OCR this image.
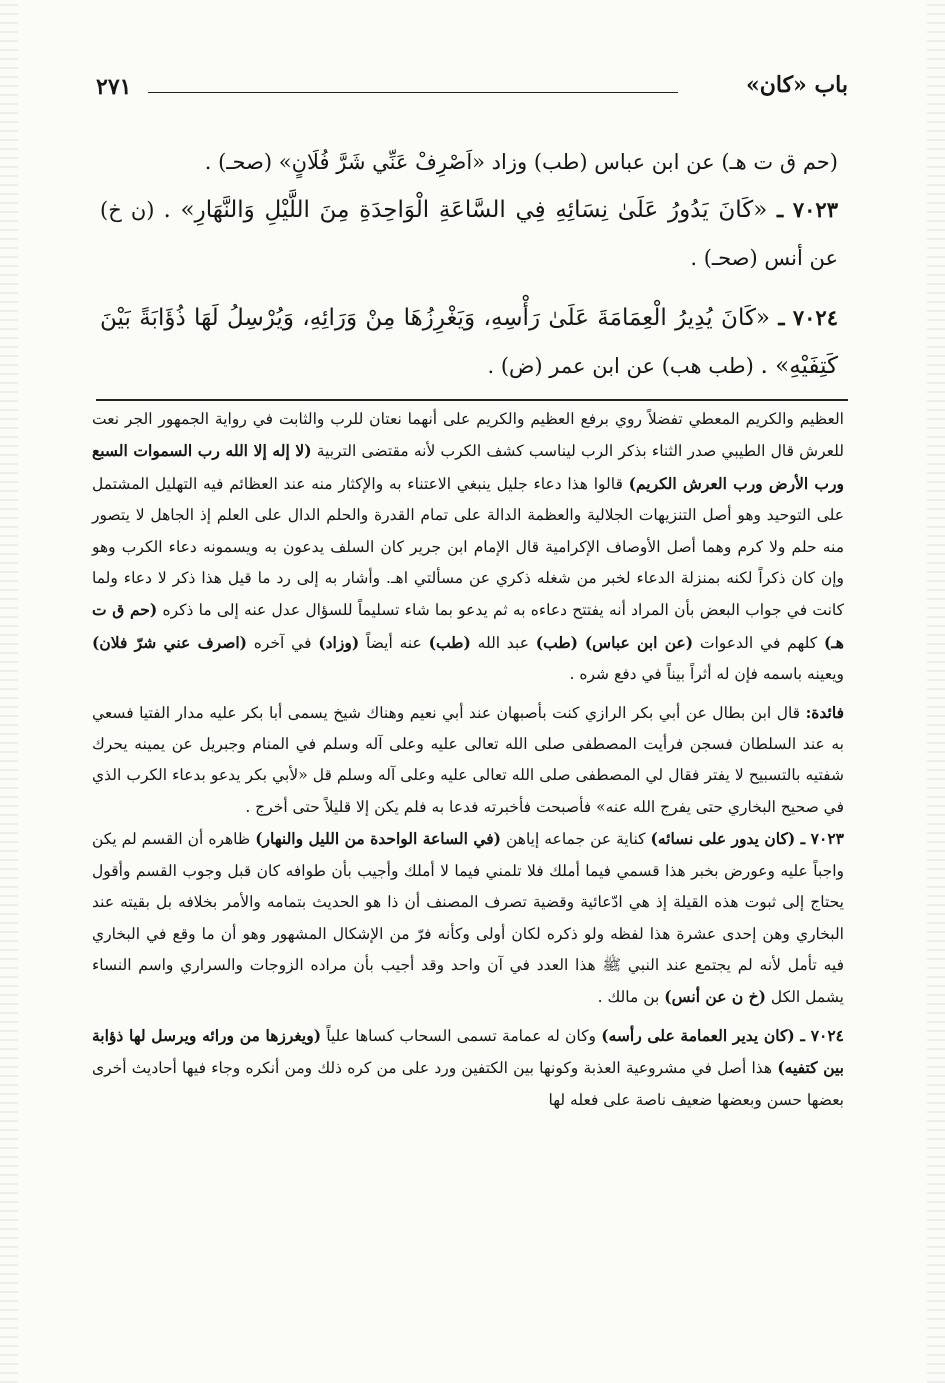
باب «كان»
٢٧١

(حم ق ت هـ) عن ابن عباس (طب) وزاد «اَصْرِفْ عَنِّي شَرَّ فُلَانٍ» (صحـ) .

٧٠٢٣ ـ «كَانَ يَدُورُ عَلَىٰ نِسَائِهِ فِي السَّاعَةِ الْوَاحِدَةِ مِنَ اللَّيْلِ وَالنَّهَارِ» . (ن خ) عن أنس (صحـ) .

٧٠٢٤ ـ «كَانَ يُدِيرُ الْعِمَامَةَ عَلَىٰ رَأْسِهِ، وَيَغْرِزُهَا مِنْ وَرَائِهِ، وَيُرْسِلُ لَهَا ذُؤَابَةً بَيْنَ كَتِفَيْهِ» . (طب هب) عن ابن عمر (ض) .

العظيم والكريم المعطي تفضلاً روي برفع العظيم والكريم على أنهما نعتان للرب والثابت في رواية الجمهور الجر نعت للعرش قال الطيبي صدر الثناء بذكر الرب ليناسب كشف الكرب لأنه مقتضى التربية (لا إله إلا الله رب السموات السبع ورب الأرض ورب العرش الكريم) قالوا هذا دعاء جليل ينبغي الاعتناء به والإكثار منه عند العظائم فيه التهليل المشتمل على التوحيد وهو أصل التنزيهات الجلالية والعظمة الدالة على تمام القدرة والحلم الدال على العلم إذ الجاهل لا يتصور منه حلم ولا كرم وهما أصل الأوصاف الإكرامية قال الإمام ابن جرير كان السلف يدعون به ويسمونه دعاء الكرب وهو وإن كان ذكراً لكنه بمنزلة الدعاء لخبر من شغله ذكري عن مسألتي اهـ. وأشار به إلى رد ما قيل هذا ذكر لا دعاء ولما كانت في جواب البعض بأن المراد أنه يفتتح دعاءه به ثم يدعو بما شاء تسليماً للسؤال عدل عنه إلى ما ذكره (حم ق ت هـ) كلهم في الدعوات (عن ابن عباس) (طب) عبد الله (طب) عنه أيضاً (وزاد) في آخره (اصرف عني شرّ فلان) ويعينه باسمه فإن له أثراً بيناً في دفع شره .

فائدة: قال ابن بطال عن أبي بكر الرازي كنت بأصبهان عند أبي نعيم وهناك شيخ يسمى أبا بكر عليه مدار الفتيا فسعي به عند السلطان فسجن فرأيت المصطفى صلى الله تعالى عليه وعلى آله وسلم في المنام وجبريل عن يمينه يحرك شفتيه بالتسبيح لا يفتر فقال لي المصطفى صلى الله تعالى عليه وعلى آله وسلم قل «لأبي بكر يدعو بدعاء الكرب الذي في صحيح البخاري حتى يفرج الله عنه» فأصبحت فأخبرته فدعا به فلم يكن إلا قليلاً حتى أخرج .

٧٠٢٣ ـ (كان يدور على نسائه) كناية عن جماعه إياهن (في الساعة الواحدة من الليل والنهار) ظاهره أن القسم لم يكن واجباً عليه وعورض بخبر هذا قسمي فيما أملك فلا تلمني فيما لا أملك وأجيب بأن طوافه كان قبل وجوب القسم وأقول يحتاج إلى ثبوت هذه القيلة إذ هي ادّعائية وقضية تصرف المصنف أن ذا هو الحديث بتمامه والأمر بخلافه بل بقيته عند البخاري وهن إحدى عشرة هذا لفظه ولو ذكره لكان أولى وكأنه فرّ من الإشكال المشهور وهو أن ما وقع في البخاري فيه تأمل لأنه لم يجتمع عند النبي ﷺ هذا العدد في آن واحد وقد أجيب بأن مراده الزوجات والسراري واسم النساء يشمل الكل (خ ن عن أنس) بن مالك .

٧٠٢٤ ـ (كان يدير العمامة على رأسه) وكان له عمامة تسمى السحاب كساها علياً (ويغرزها من ورائه ويرسل لها ذؤابة بين كتفيه) هذا أصل في مشروعية العذبة وكونها بين الكتفين ورد على من كره ذلك ومن أنكره وجاء فيها أحاديث أخرى بعضها حسن وبعضها ضعيف ناصة على فعله لها
